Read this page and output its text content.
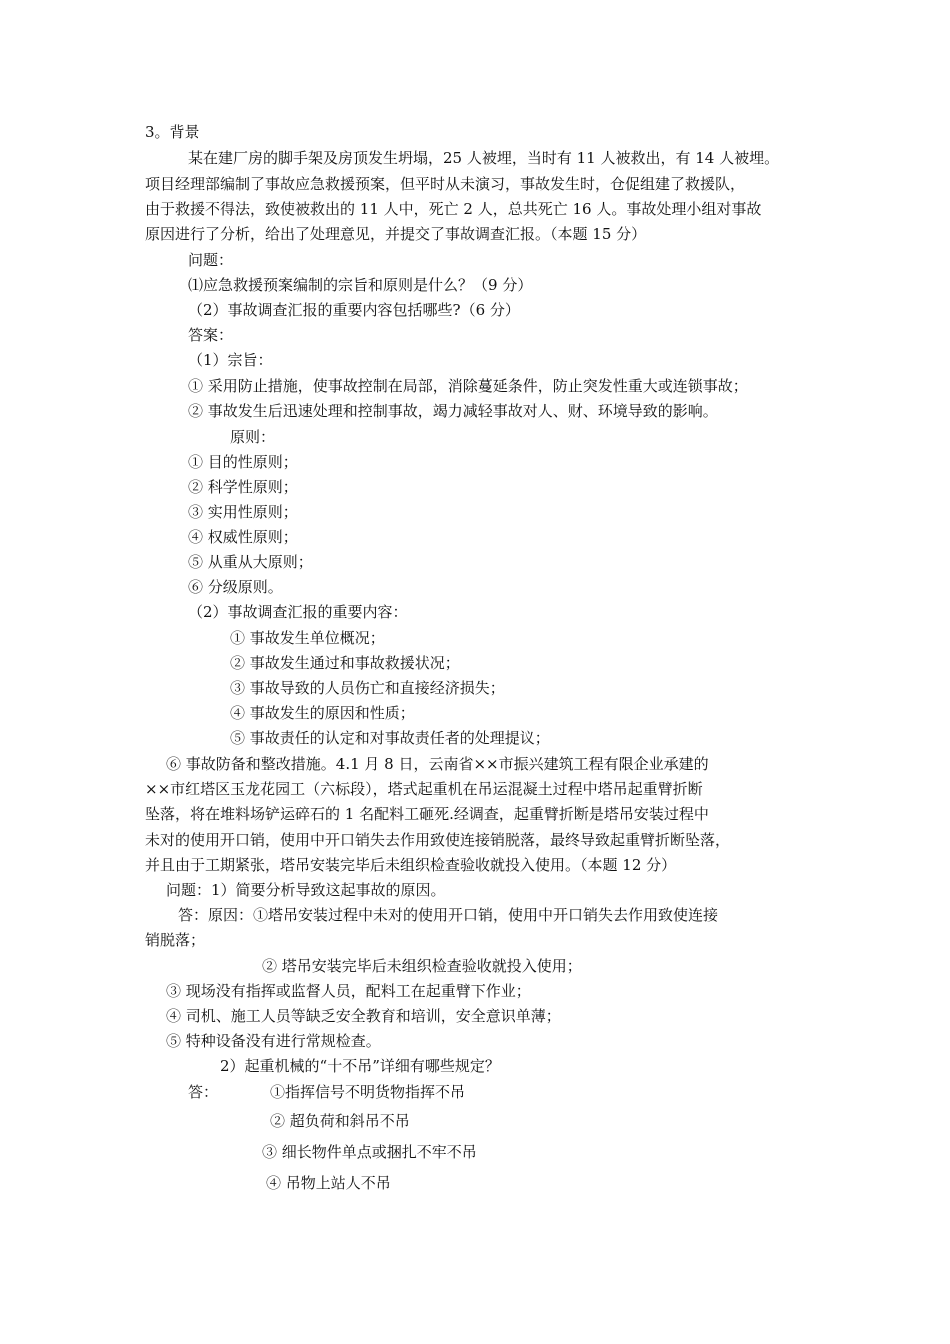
3。背景
某在建厂房的脚手架及房顶发生坍塌，25 人被埋，当时有 11 人被救出，有 14 人被埋。
项目经理部编制了事故应急救援预案，但平时从未演习，事故发生时，仓促组建了救援队，
由于救援不得法，致使被救出的 11 人中，死亡 2 人，总共死亡 16 人。事故处理小组对事故
原因进行了分析，给出了处理意见，并提交了事故调查汇报。（本题 15 分）
问题：
⑴应急救援预案编制的宗旨和原则是什么？（9 分）
（2）事故调查汇报的重要内容包括哪些?（6 分）
答案：
（1）宗旨：
① 采用防止措施，使事故控制在局部，消除蔓延条件，防止突发性重大或连锁事故；
② 事故发生后迅速处理和控制事故，竭力减轻事故对人、财、环境导致的影响。
原则：
① 目的性原则；
② 科学性原则；
③ 实用性原则；
④ 权威性原则；
⑤ 从重从大原则；
⑥ 分级原则。
（2）事故调查汇报的重要内容：
① 事故发生单位概况；
② 事故发生通过和事故救援状况；
③ 事故导致的人员伤亡和直接经济损失；
④ 事故发生的原因和性质；
⑤ 事故责任的认定和对事故责任者的处理提议；
⑥ 事故防备和整改措施。4.1 月 8 日，云南省××市振兴建筑工程有限企业承建的
××市红塔区玉龙花园工（六标段），塔式起重机在吊运混凝土过程中塔吊起重臂折断
坠落，将在堆料场铲运碎石的 1 名配料工砸死.经调查，起重臂折断是塔吊安装过程中
未对的使用开口销，使用中开口销失去作用致使连接销脱落，最终导致起重臂折断坠落，
并且由于工期紧张，塔吊安装完毕后未组织检查验收就投入使用。（本题 12 分）
问题：1）简要分析导致这起事故的原因。
答：原因：①塔吊安装过程中未对的使用开口销，使用中开口销失去作用致使连接
销脱落；
② 塔吊安装完毕后未组织检查验收就投入使用；
③ 现场没有指挥或监督人员，配料工在起重臂下作业；
④ 司机、施工人员等缺乏安全教育和培训，安全意识单薄；
⑤ 特种设备没有进行常规检查。
2）起重机械的“十不吊”详细有哪些规定？
答：	①指挥信号不明货物指挥不吊
② 超负荷和斜吊不吊
③ 细长物件单点或捆扎不牢不吊
④ 吊物上站人不吊
